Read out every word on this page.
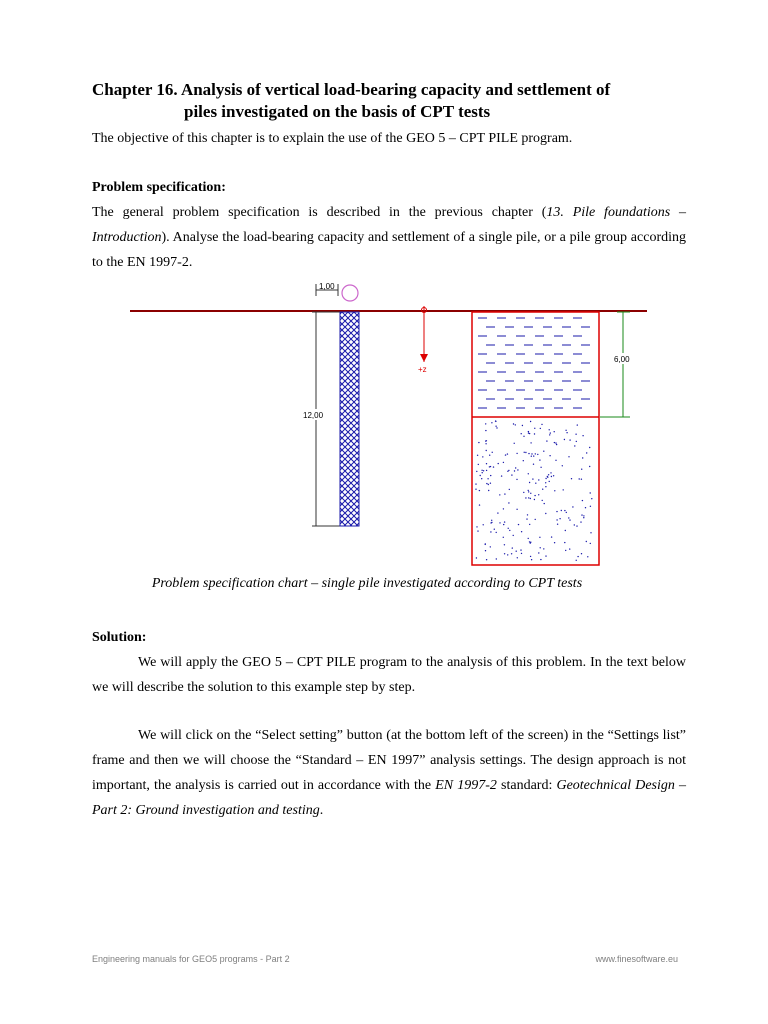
Chapter 16. Analysis of vertical load-bearing capacity and settlement of

piles investigated on the basis of CPT tests

The objective of this chapter is to explain the use of the GEO 5 – CPT PILE program.
Problem specification:
The general problem specification is described in the previous chapter (13. Pile foundations – Introduction). Analyse the load-bearing capacity and settlement of a single pile, or a pile group according to the EN 1997-2.
1,00
12,00
+z
6,00
Problem specification chart – single pile investigated according to CPT tests
Solution:
We will apply the GEO 5 – CPT PILE program to the analysis of this problem. In the text below we will describe the solution to this example step by step.
We will click on the “Select setting” button (at the bottom left of the screen) in the “Settings list” frame and then we will choose the “Standard – EN 1997” analysis settings. The design approach is not important, the analysis is carried out in accordance with the EN 1997-2 standard: Geotechnical Design – Part 2: Ground investigation and testing.
Engineering manuals for GEO5 programs - Part 2	www.finesoftware.eu
